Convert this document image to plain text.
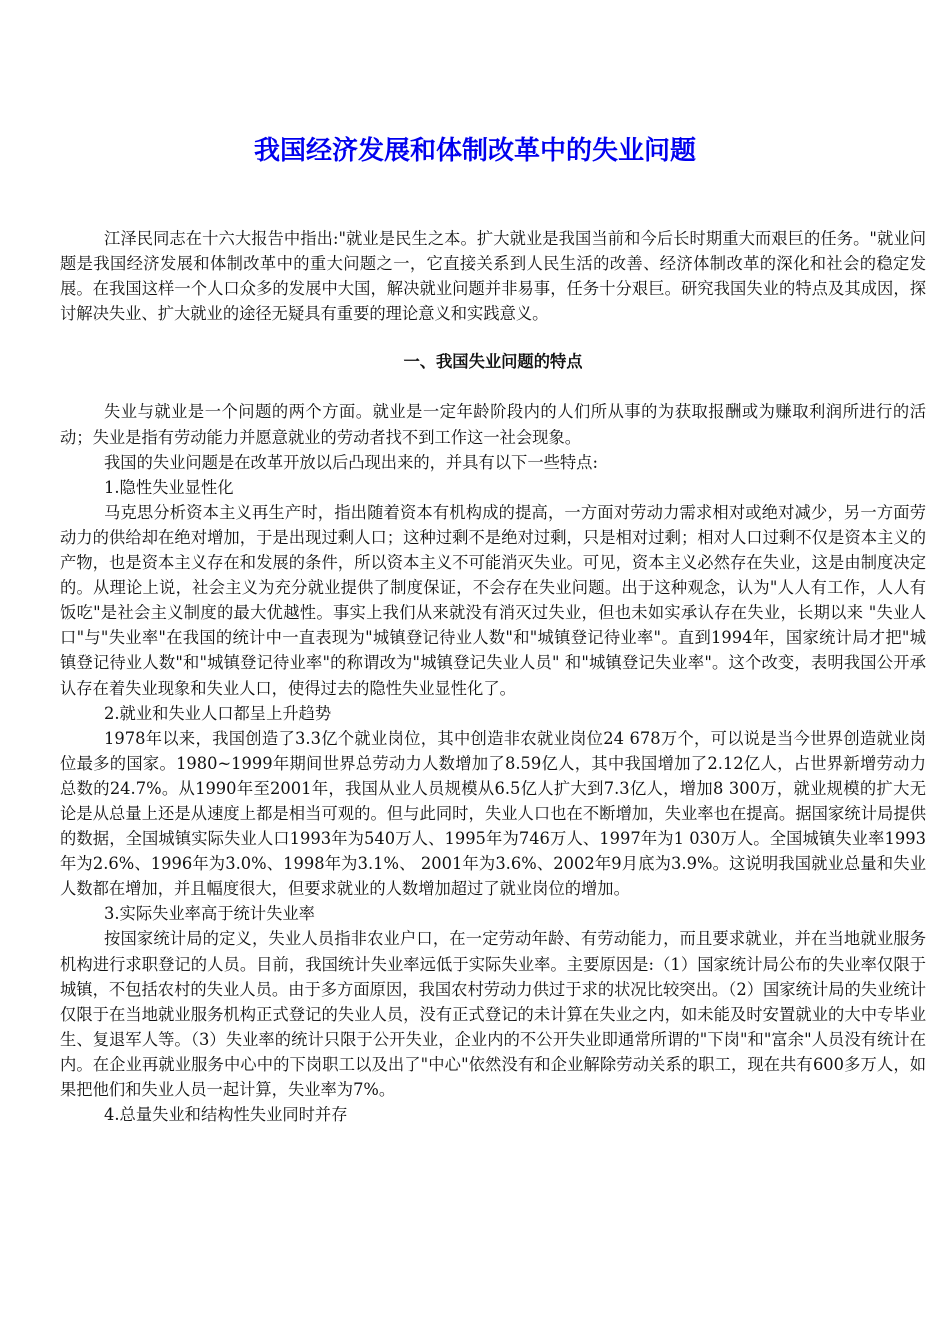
我国经济发展和体制改革中的失业问题

江泽民同志在十六大报告中指出:"就业是民生之本。扩大就业是我国当前和今后长时期重大而艰巨的任务。"就业问题是我国经济发展和体制改革中的重大问题之一，它直接关系到人民生活的改善、经济体制改革的深化和社会的稳定发展。在我国这样一个人口众多的发展中大国，解决就业问题并非易事，任务十分艰巨。研究我国失业的特点及其成因，探讨解决失业、扩大就业的途径无疑具有重要的理论意义和实践意义。

一、我国失业问题的特点

失业与就业是一个问题的两个方面。就业是一定年龄阶段内的人们所从事的为获取报酬或为赚取利润所进行的活动；失业是指有劳动能力并愿意就业的劳动者找不到工作这一社会现象。

我国的失业问题是在改革开放以后凸现出来的，并具有以下一些特点:

1.隐性失业显性化

马克思分析资本主义再生产时，指出随着资本有机构成的提高，一方面对劳动力需求相对或绝对减少，另一方面劳动力的供给却在绝对增加，于是出现过剩人口；这种过剩不是绝对过剩，只是相对过剩；相对人口过剩不仅是资本主义的产物，也是资本主义存在和发展的条件，所以资本主义不可能消灭失业。可见，资本主义必然存在失业，这是由制度决定的。从理论上说，社会主义为充分就业提供了制度保证，不会存在失业问题。出于这种观念，认为"人人有工作，人人有饭吃"是社会主义制度的最大优越性。事实上我们从来就没有消灭过失业，但也未如实承认存在失业，长期以来 "失业人口"与"失业率"在我国的统计中一直表现为"城镇登记待业人数"和"城镇登记待业率"。直到1994年，国家统计局才把"城镇登记待业人数"和"城镇登记待业率"的称谓改为"城镇登记失业人员" 和"城镇登记失业率"。这个改变，表明我国公开承认存在着失业现象和失业人口，使得过去的隐性失业显性化了。

2.就业和失业人口都呈上升趋势

1978年以来，我国创造了3.3亿个就业岗位，其中创造非农就业岗位24 678万个，可以说是当今世界创造就业岗位最多的国家。1980~1999年期间世界总劳动力人数增加了8.59亿人，其中我国增加了2.12亿人，占世界新增劳动力总数的24.7%。从1990年至2001年，我国从业人员规模从6.5亿人扩大到7.3亿人，增加8 300万，就业规模的扩大无论是从总量上还是从速度上都是相当可观的。但与此同时，失业人口也在不断增加，失业率也在提高。据国家统计局提供的数据，全国城镇实际失业人口1993年为540万人、1995年为746万人、1997年为1 030万人。全国城镇失业率1993年为2.6%、1996年为3.0%、1998年为3.1%、 2001年为3.6%、2002年9月底为3.9%。这说明我国就业总量和失业人数都在增加，并且幅度很大，但要求就业的人数增加超过了就业岗位的增加。

3.实际失业率高于统计失业率

按国家统计局的定义，失业人员指非农业户口，在一定劳动年龄、有劳动能力，而且要求就业，并在当地就业服务机构进行求职登记的人员。目前，我国统计失业率远低于实际失业率。主要原因是:（1）国家统计局公布的失业率仅限于城镇，不包括农村的失业人员。由于多方面原因，我国农村劳动力供过于求的状况比较突出。（2）国家统计局的失业统计仅限于在当地就业服务机构正式登记的失业人员，没有正式登记的未计算在失业之内，如未能及时安置就业的大中专毕业生、复退军人等。（3）失业率的统计只限于公开失业，企业内的不公开失业即通常所谓的"下岗"和"富余"人员没有统计在内。在企业再就业服务中心中的下岗职工以及出了"中心"依然没有和企业解除劳动关系的职工，现在共有600多万人，如果把他们和失业人员一起计算，失业率为7%。

4.总量失业和结构性失业同时并存
